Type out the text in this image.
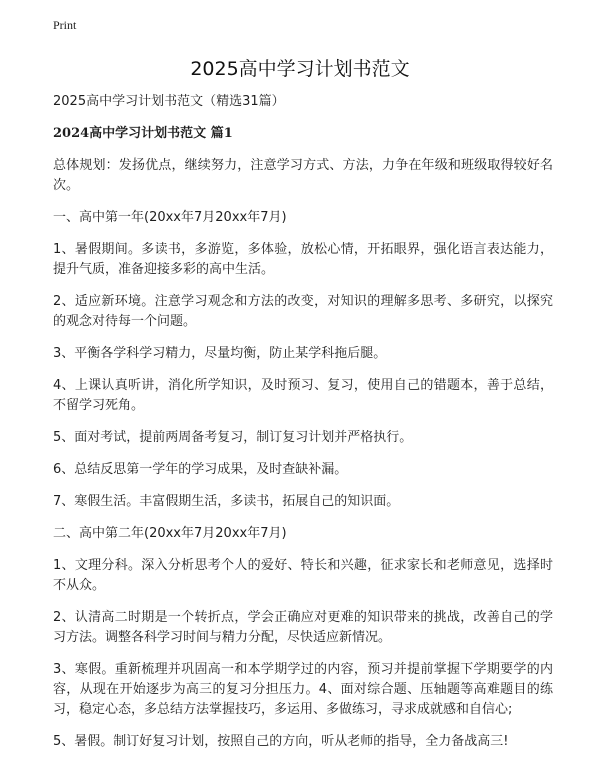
Print
2025高中学习计划书范文

2025高中学习计划书范文（精选31篇）

2024高中学习计划书范文 篇1

总体规划：发扬优点，继续努力，注意学习方式、方法，力争在年级和班级取得较好名次。

一、高中第一年(20xx年7月20xx年7月)

1、暑假期间。多读书，多游览，多体验，放松心情，开拓眼界，强化语言表达能力，提升气质，准备迎接多彩的高中生活。

2、适应新环境。注意学习观念和方法的改变，对知识的理解多思考、多研究，以探究的观念对待每一个问题。

3、平衡各学科学习精力，尽量均衡，防止某学科拖后腿。

4、上课认真听讲，消化所学知识，及时预习、复习，使用自己的错题本，善于总结，不留学习死角。

5、面对考试，提前两周备考复习，制订复习计划并严格执行。

6、总结反思第一学年的学习成果，及时查缺补漏。

7、寒假生活。丰富假期生活，多读书，拓展自己的知识面。

二、高中第二年(20xx年7月20xx年7月)

1、文理分科。深入分析思考个人的爱好、特长和兴趣，征求家长和老师意见，选择时不从众。

2、认清高二时期是一个转折点，学会正确应对更难的知识带来的挑战，改善自己的学习方法。调整各科学习时间与精力分配，尽快适应新情况。

3、寒假。重新梳理并巩固高一和本学期学过的内容，预习并提前掌握下学期要学的内容，从现在开始逐步为高三的复习分担压力。4、面对综合题、压轴题等高难题目的练习，稳定心态，多总结方法掌握技巧，多运用、多做练习，寻求成就感和自信心;

5、暑假。制订好复习计划，按照自己的方向，听从老师的指导，全力备战高三!
